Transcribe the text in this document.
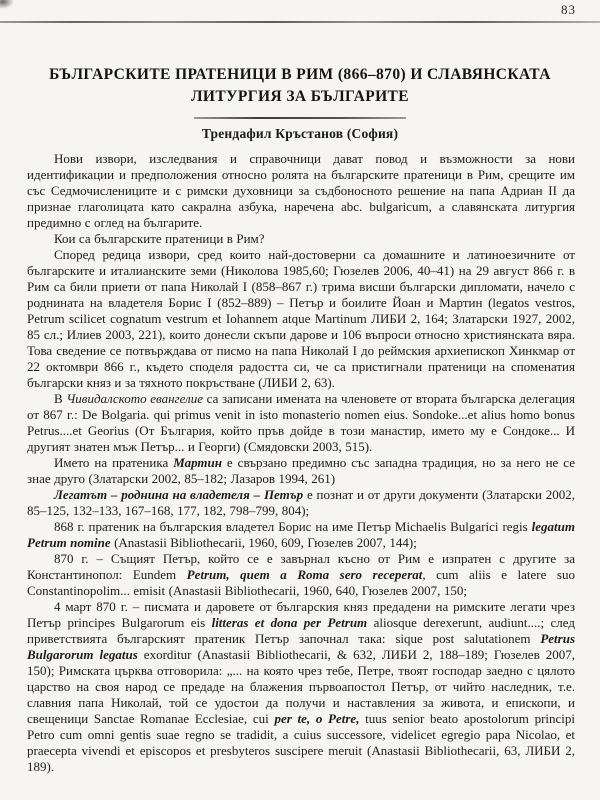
83
БЪЛГАРСКИТЕ ПРАТЕНИЦИ В РИМ (866–870) И СЛАВЯНСКАТА
ЛИТУРГИЯ ЗА БЪЛГАРИТЕ
Трендафил Кръстанов (София)

Нови извори, изследвания и справочници дават повод и възможности за нови идентификации и предположения относно ролята на българските пратеници в Рим, срещите им със Седмочислениците и с римски духовници за съдбоносното решение на папа Адриан II да признае глаголицата като сакрална азбука, наречена abc. bulgaricum, а славянската литургия предимно с оглед на българите.

Кои са българските пратеници в Рим?

Според редица извори, сред които най-достоверни са домашните и латиноезичните от българските и италианските земи (Николова 1985,60; Гюзелев 2006, 40–41) на 29 август 866 г. в Рим са били приети от папа Николай I (858–867 г.) трима висши български дипломати, начело с роднината на владетеля Борис I (852–889) – Петър и боилите Йоан и Мартин (legatos vestros, Petrum scilicet cognatum vestrum et Iohannem atque Martinum ЛИБИ 2, 164; Златарски 1927, 2002, 85 сл.; Илиев 2003, 221), които донесли скъпи дарове и 106 въпроси относно християнската вяра. Това сведение се потвърждава от писмо на папа Николай I до реймския архиепископ Хинкмар от 22 октомври 866 г., където споделя радостта си, че са пристигнали пратеници на споменатия български княз и за тяхното покръстване (ЛИБИ 2, 63).

В Чивидалското евангелие са записани имената на членовете от втората българска делегация от 867 г.: De Bolgaria. qui primus venit in isto monasterio nomen eius. Sondoke...et alius homo bonus Petrus....et Georius (От България, който пръв дойде в този манастир, името му е Сондоке... И другият знатен мъж Петър... и Георги) (Смядовски 2003, 515).

Името на пратеника Мартин е свързано предимно със западна традиция, но за него не се знае друго (Златарски 2002, 85–182; Лазаров 1994, 261)

Легатът – роднина на владетеля – Петър е познат и от други документи (Златарски 2002, 85–125, 132–133, 167–168, 177, 182, 798–799, 804);

868 г. пратеник на българския владетел Борис на име Петър Michaelis Bulgarici regis legatum Petrum nomine (Anastasii Bibliothecarii, 1960, 609, Гюзелев 2007, 144);

870 г. – Същият Петър, който се е завърнал късно от Рим е изпратен с другите за Константинопол: Eundem Petrum, quem a Roma sero receperat, cum aliis e latere suo Constantinopolim... emisit (Anastasii Bibliothecarii, 1960, 640, Гюзелев 2007, 150;

4 март 870 г. – писмата и даровете от българския княз предадени на римските легати чрез Петър principes Bulgarorum eis litteras et dona per Petrum aliosque derexerunt, audiunt....; след приветствията българският пратеник Петър започнал така: sique post salutationem Petrus Bulgarorum legatus exorditur (Anastasii Bibliothecarii, & 632, ЛИБИ 2, 188–189; Гюзелев 2007, 150); Римската църква отговорила: „... на която чрез тебе, Петре, твоят господар заедно с цялото царство на своя народ се предаде на блажения първоапостол Петър, от чийто наследник, т.е. славния папа Николай, той се удостои да получи и наставления за живота, и епископи, и свещеници Sanctae Romanae Ecclesiae, cui per te, o Petre, tuus senior beato apostolorum principi Petro cum omni gentis suae regno se tradidit, a cuius successore, videlicet egregio papa Nicolao, et praecepta vivendi et episcopos et presbyteros suscipere meruit (Anastasii Bibliothecarii, 63, ЛИБИ 2, 189).
